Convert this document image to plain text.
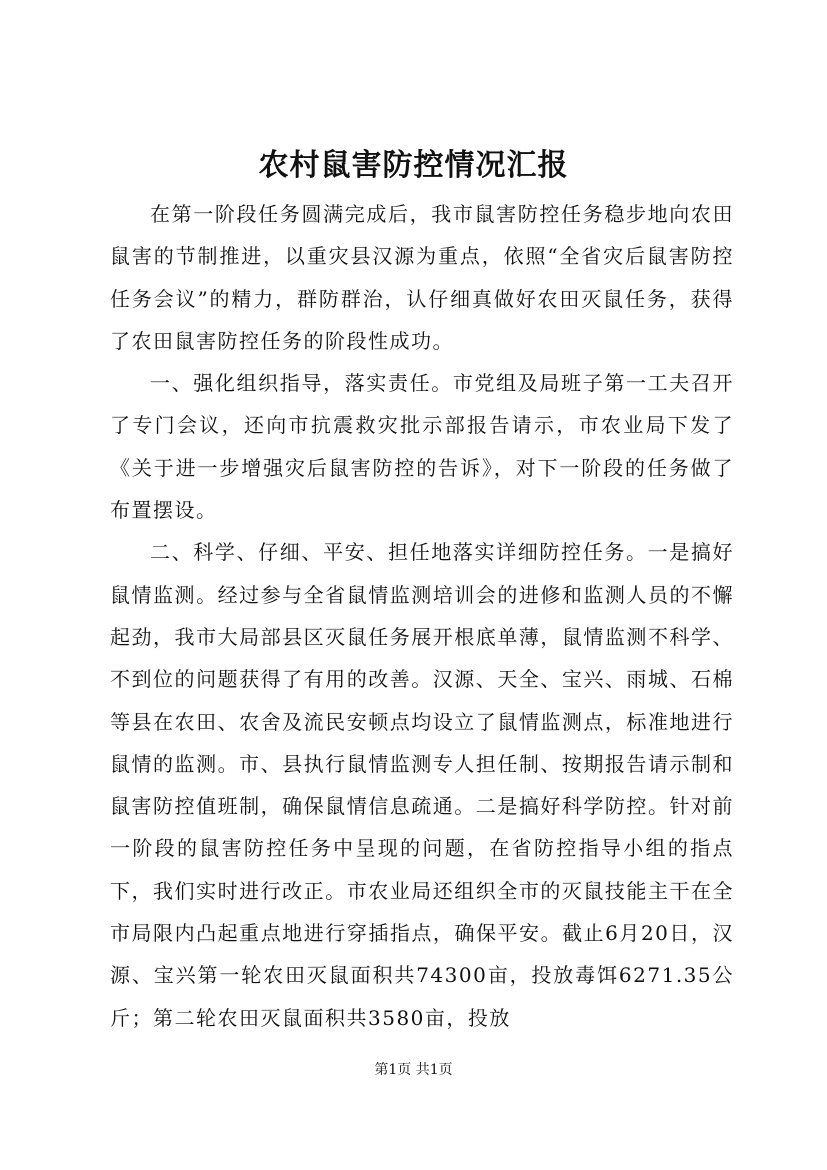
农村鼠害防控情况汇报

在第一阶段任务圆满完成后，我市鼠害防控任务稳步地向农田鼠害的节制推进，以重灾县汉源为重点，依照“全省灾后鼠害防控任务会议”的精力，群防群治，认仔细真做好农田灭鼠任务，获得了农田鼠害防控任务的阶段性成功。

一、强化组织指导，落实责任。市党组及局班子第一工夫召开了专门会议，还向市抗震救灾批示部报告请示，市农业局下发了《关于进一步增强灾后鼠害防控的告诉》，对下一阶段的任务做了布置摆设。

二、科学、仔细、平安、担任地落实详细防控任务。一是搞好鼠情监测。经过参与全省鼠情监测培训会的进修和监测人员的不懈起劲，我市大局部县区灭鼠任务展开根底单薄，鼠情监测不科学、不到位的问题获得了有用的改善。汉源、天全、宝兴、雨城、石棉等县在农田、农舍及流民安顿点均设立了鼠情监测点，标准地进行鼠情的监测。市、县执行鼠情监测专人担任制、按期报告请示制和鼠害防控值班制，确保鼠情信息疏通。二是搞好科学防控。针对前一阶段的鼠害防控任务中呈现的问题，在省防控指导小组的指点下，我们实时进行改正。市农业局还组织全市的灭鼠技能主干在全市局限内凸起重点地进行穿插指点，确保平安。截止6月20日，汉源、宝兴第一轮农田灭鼠面积共74300亩，投放毒饵6271.35公斤；第二轮农田灭鼠面积共3580亩，投放

第1页 共1页
